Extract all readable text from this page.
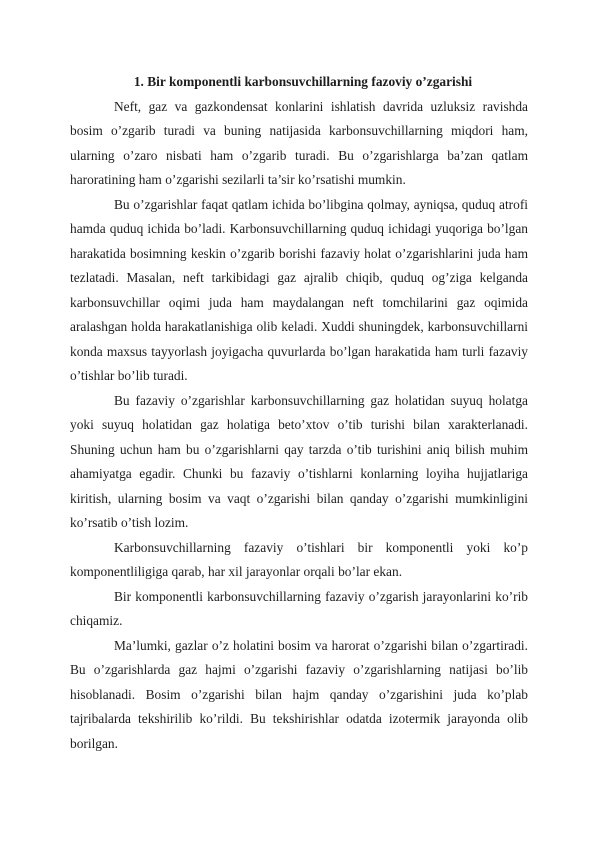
1. Bir komponentli karbonsuvchillarning fazoviy o’zgarishi

Neft, gaz va gazkondensat konlarini ishlatish davrida uzluksiz ravishda bosim o’zgarib turadi va buning natijasida karbonsuvchillarning miqdori ham, ularning o’zaro nisbati ham o’zgarib turadi. Bu o’zgarishlarga ba’zan qatlam haroratining ham o’zgarishi sezilarli ta’sir ko’rsatishi mumkin.

Bu o’zgarishlar faqat qatlam ichida bo’libgina qolmay, ayniqsa, quduq atrofi hamda quduq ichida bo’ladi. Karbonsuvchillarning quduq ichidagi yuqoriga bo’lgan harakatida bosimning keskin o’zgarib borishi fazaviy holat o’zgarishlarini juda ham tezlatadi. Masalan, neft tarkibidagi gaz ajralib chiqib, quduq og’ziga kelganda karbonsuvchillar oqimi juda ham maydalangan neft tomchilarini gaz oqimida aralashgan holda harakatlanishiga olib keladi. Xuddi shuningdek, karbonsuvchillarni konda maxsus tayyorlash joyigacha quvurlarda bo’lgan harakatida ham turli fazaviy o’tishlar bo’lib turadi.

Bu fazaviy o’zgarishlar karbonsuvchillarning gaz holatidan suyuq holatga yoki suyuq holatidan gaz holatiga beto’xtov o’tib turishi bilan xarakterlanadi. Shuning uchun ham bu o’zgarishlarni qay tarzda o’tib turishini aniq bilish muhim ahamiyatga egadir. Chunki bu fazaviy o’tishlarni konlarning loyiha hujjatlariga kiritish, ularning bosim va vaqt o’zgarishi bilan qanday o’zgarishi mumkinligini ko’rsatib o’tish lozim.

Karbonsuvchillarning fazaviy o’tishlari bir komponentli yoki ko’p komponentliligiga qarab, har xil jarayonlar orqali bo’lar ekan.

Bir komponentli karbonsuvchillarning fazaviy o’zgarish jarayonlarini ko’rib chiqamiz.

Ma’lumki, gazlar o’z holatini bosim va harorat o’zgarishi bilan o’zgartiradi. Bu o’zgarishlarda gaz hajmi o’zgarishi fazaviy o’zgarishlarning natijasi bo’lib hisoblanadi. Bosim o’zgarishi bilan hajm qanday o’zgarishini juda ko’plab tajribalarda tekshirilib ko’rildi. Bu tekshirishlar odatda izotermik jarayonda olib borilgan.
